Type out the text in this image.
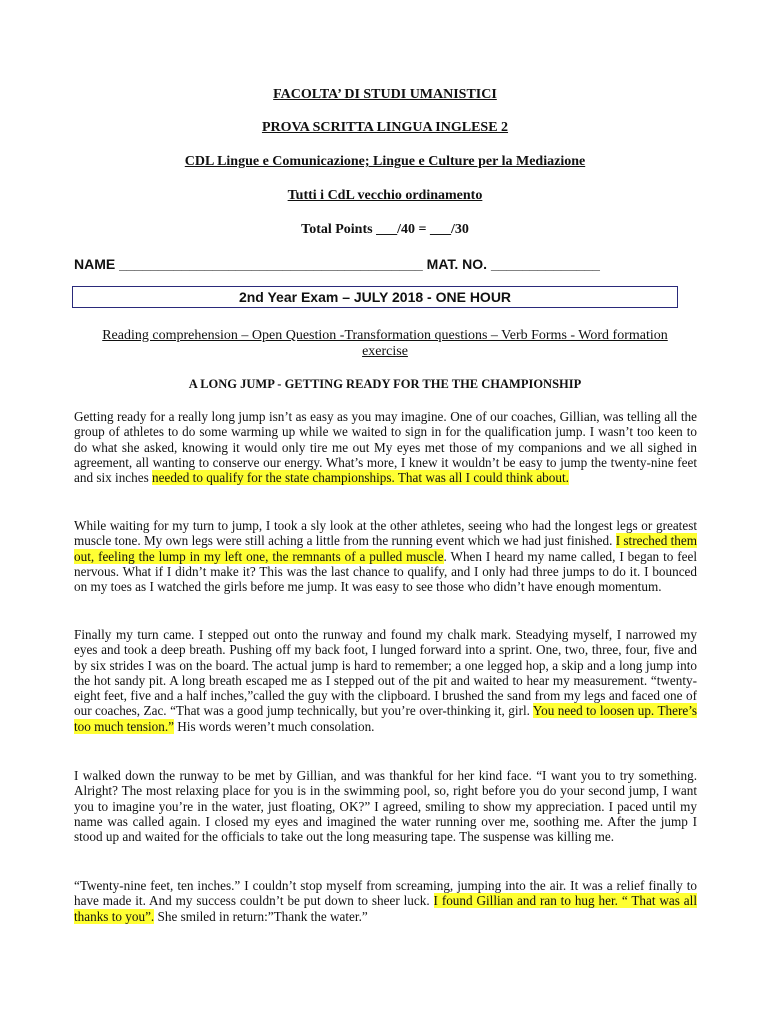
FACOLTA’ DI STUDI UMANISTICI
PROVA SCRITTA LINGUA INGLESE 2
CDL Lingue e Comunicazione; Lingue e Culture per la Mediazione
Tutti i CdL vecchio ordinamento
Total Points ___/40 = ___/30
NAME _______________________________________ MAT. NO. ______________
2nd Year Exam – JULY 2018 - ONE HOUR
Reading comprehension – Open Question -Transformation questions – Verb Forms - Word formation exercise
A LONG JUMP - GETTING READY FOR THE THE CHAMPIONSHIP

Getting ready for a really long jump isn’t as easy as you may imagine. One of our coaches, Gillian, was telling all the group of athletes to do some warming up while we waited to sign in for the qualification jump. I wasn’t too keen to do what she asked, knowing it would only tire me out My eyes met those of my companions and we all sighed in agreement, all wanting to conserve our energy. What’s more, I knew it wouldn’t be easy to jump the twenty-nine feet and six inches needed to qualify for the state championships. That was all I could think about.

While waiting for my turn to jump, I took a sly look at the other athletes, seeing who had the longest legs or greatest muscle tone. My own legs were still aching a little from the running event which we had just finished. I streched them out, feeling the lump in my left one, the remnants of a pulled muscle. When I heard my name called, I began to feel nervous. What if I didn’t make it? This was the last chance to qualify, and I only had three jumps to do it. I bounced on my toes as I watched the girls before me jump. It was easy to see those who didn’t have enough momentum.

Finally my turn came. I stepped out onto the runway and found my chalk mark. Steadying myself, I narrowed my eyes and took a deep breath. Pushing off my back foot, I lunged forward into a sprint. One, two, three, four, five and by six strides I was on the board. The actual jump is hard to remember; a one legged hop, a skip and a long jump into the hot sandy pit. A long breath escaped me as I stepped out of the pit and waited to hear my measurement. “twenty-eight feet, five and a half inches,”called the guy with the clipboard. I brushed the sand from my legs and faced one of our coaches, Zac. “That was a good jump technically, but you’re over-thinking it, girl. You need to loosen up. There’s too much tension.” His words weren’t much consolation.

I walked down the runway to be met by Gillian, and was thankful for her kind face. “I want you to try something. Alright? The most relaxing place for you is in the swimming pool, so, right before you do your second jump, I want you to imagine you’re in the water, just floating, OK?” I agreed, smiling to show my appreciation. I paced until my name was called again. I closed my eyes and imagined the water running over me, soothing me. After the jump I stood up and waited for the officials to take out the long measuring tape. The suspense was killing me.

“Twenty-nine feet, ten inches.” I couldn’t stop myself from screaming, jumping into the air. It was a relief finally to have made it. And my success couldn’t be put down to sheer luck. I found Gillian and ran to hug her. “ That was all thanks to you”. She smiled in return:”Thank the water.”
